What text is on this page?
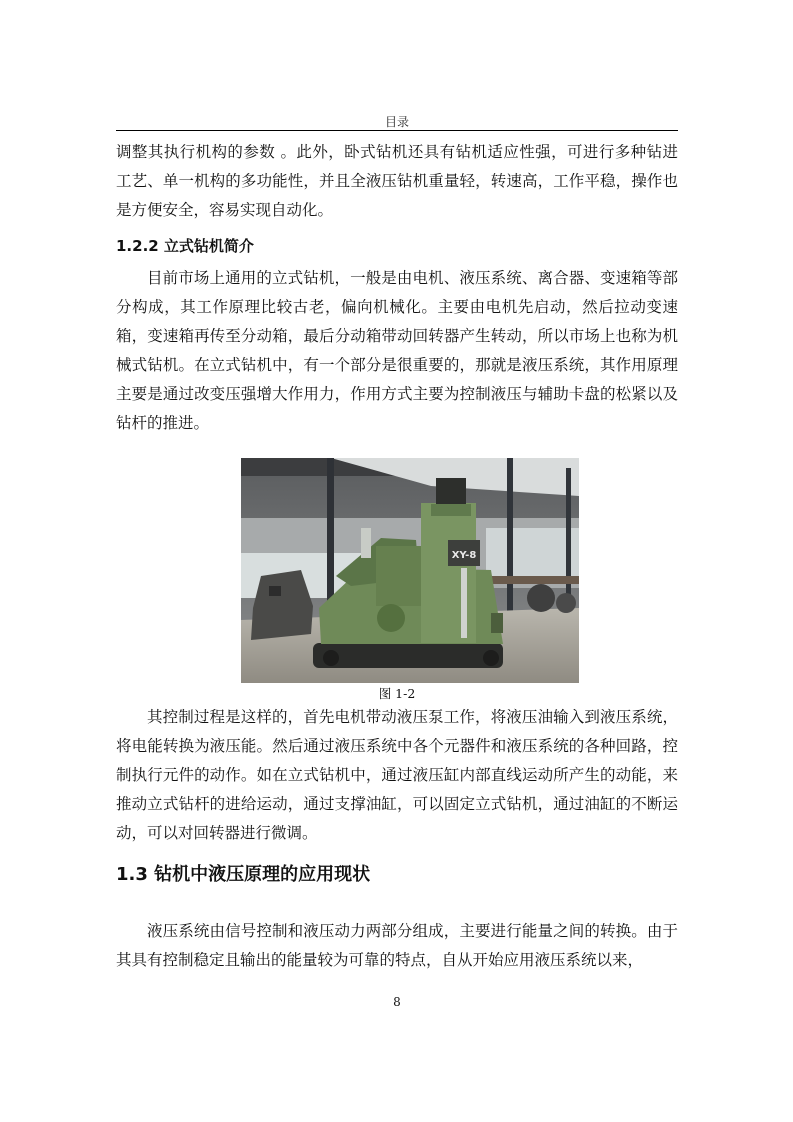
目录

调整其执行机构的参数 。此外，卧式钻机还具有钻机适应性强，可进行多种钻进工艺、单一机构的多功能性，并且全液压钻机重量轻，转速高，工作平稳，操作也是方便安全，容易实现自动化。

1.2.2 立式钻机简介

目前市场上通用的立式钻机，一般是由电机、液压系统、离合器、变速箱等部分构成，其工作原理比较古老，偏向机械化。主要由电机先启动，然后拉动变速箱，变速箱再传至分动箱，最后分动箱带动回转器产生转动，所以市场上也称为机械式钻机。在立式钻机中，有一个部分是很重要的，那就是液压系统，其作用原理主要是通过改变压强增大作用力，作用方式主要为控制液压与辅助卡盘的松紧以及钻杆的推进。

XY-8
图 1-2

其控制过程是这样的，首先电机带动液压泵工作，将液压油输入到液压系统，将电能转换为液压能。然后通过液压系统中各个元器件和液压系统的各种回路，控制执行元件的动作。如在立式钻机中，通过液压缸内部直线运动所产生的动能，来推动立式钻杆的进给运动，通过支撑油缸，可以固定立式钻机，通过油缸的不断运动，可以对回转器进行微调。

1.3 钻机中液压原理的应用现状

液压系统由信号控制和液压动力两部分组成，主要进行能量之间的转换。由于其具有控制稳定且输出的能量较为可靠的特点，自从开始应用液压系统以来，

8
